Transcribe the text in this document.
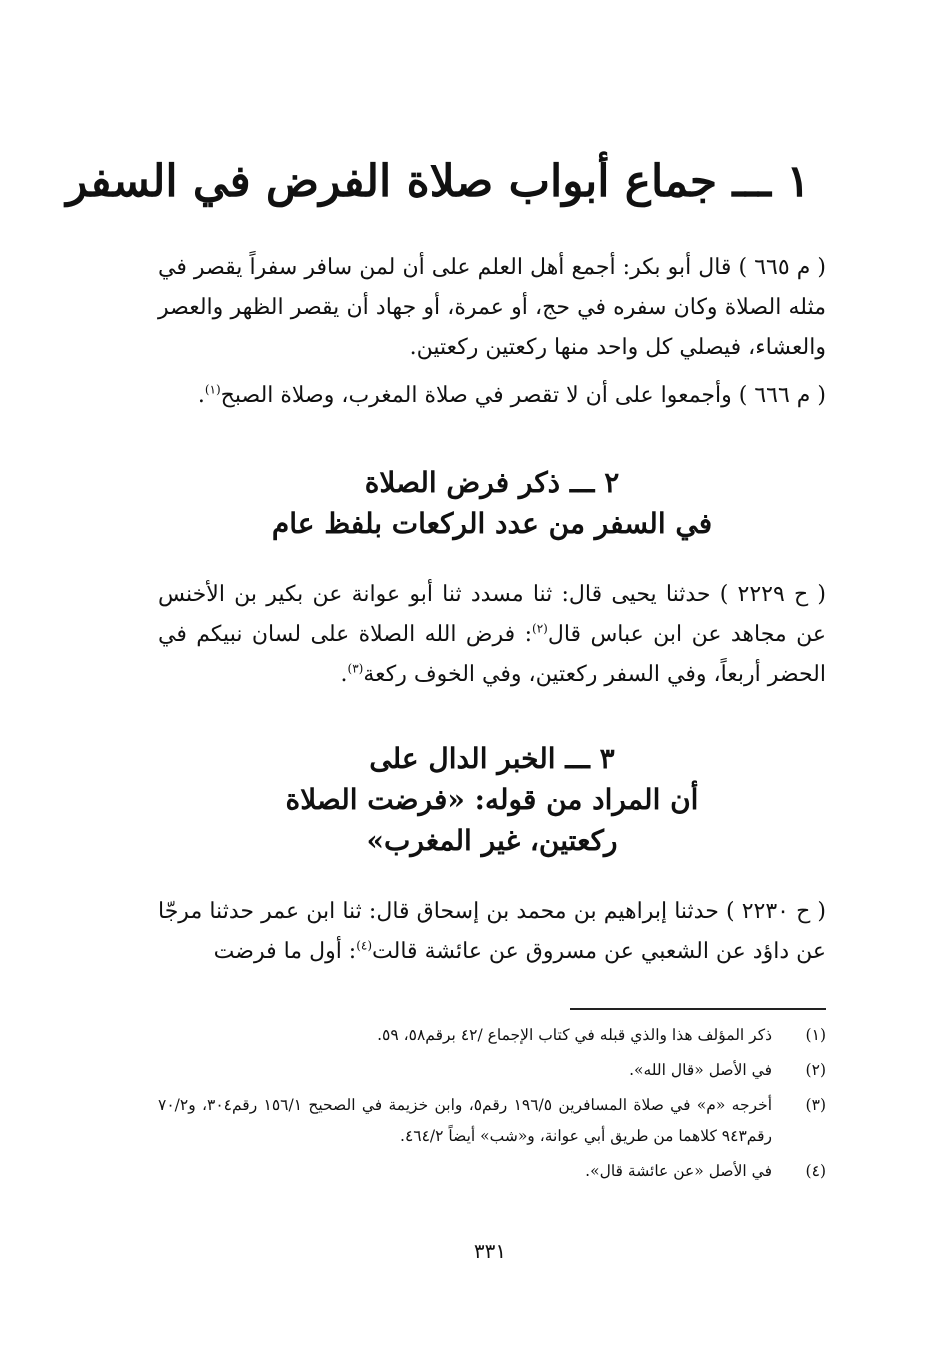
١ ـــ جماع أبواب صلاة الفرض في السفر
( م ٦٦٥ ) قال أبو بكر: أجمع أهل العلم على أن لمن سافر سفراً يقصر في مثله الصلاة وكان سفره في حج، أو عمرة، أو جهاد أن يقصر الظهر والعصر والعشاء، فيصلي كل واحد منها ركعتين ركعتين.
( م ٦٦٦ ) وأجمعوا على أن لا تقصر في صلاة المغرب، وصلاة الصبح$^{(١)}$.
٢ ـــ ذكر فرض الصلاة
في السفر من عدد الركعات بلفظ عام
( ح ٢٢٢٩ ) حدثنا يحيى قال: ثنا مسدد ثنا أبو عوانة عن بكير بن الأخنس عن مجاهد عن ابن عباس قال$^{(٢)}$: فرض الله الصلاة على لسان نبيكم في الحضر أربعاً، وفي السفر ركعتين، وفي الخوف ركعة$^{(٣)}$.
٣ ـــ الخبر الدال على
أن المراد من قوله: «فرضت الصلاة
ركعتين، غير المغرب»
( ح ٢٢٣٠ ) حدثنا إبراهيم بن محمد بن إسحاق قال: ثنا ابن عمر حدثنا مرجّا عن داؤد عن الشعبي عن مسروق عن عائشة قالت$^{(٤)}$: أول ما فرضت
(١)
ذكر المؤلف هذا والذي قبله في كتاب الإجماع /٤٢ برقم٥٨، ٥٩.
(٢)
في الأصل «قال الله».
(٣)
أخرجه «م» في صلاة المسافرين ١٩٦/٥ رقم٥، وابن خزيمة في الصحيح ١٥٦/١ رقم٣٠٤، و٧٠/٢ رقم٩٤٣ كلاهما من طريق أبي عوانة، و«شب» أيضاً ٤٦٤/٢.
(٤)
في الأصل «عن عائشة قال».
٣٣١
